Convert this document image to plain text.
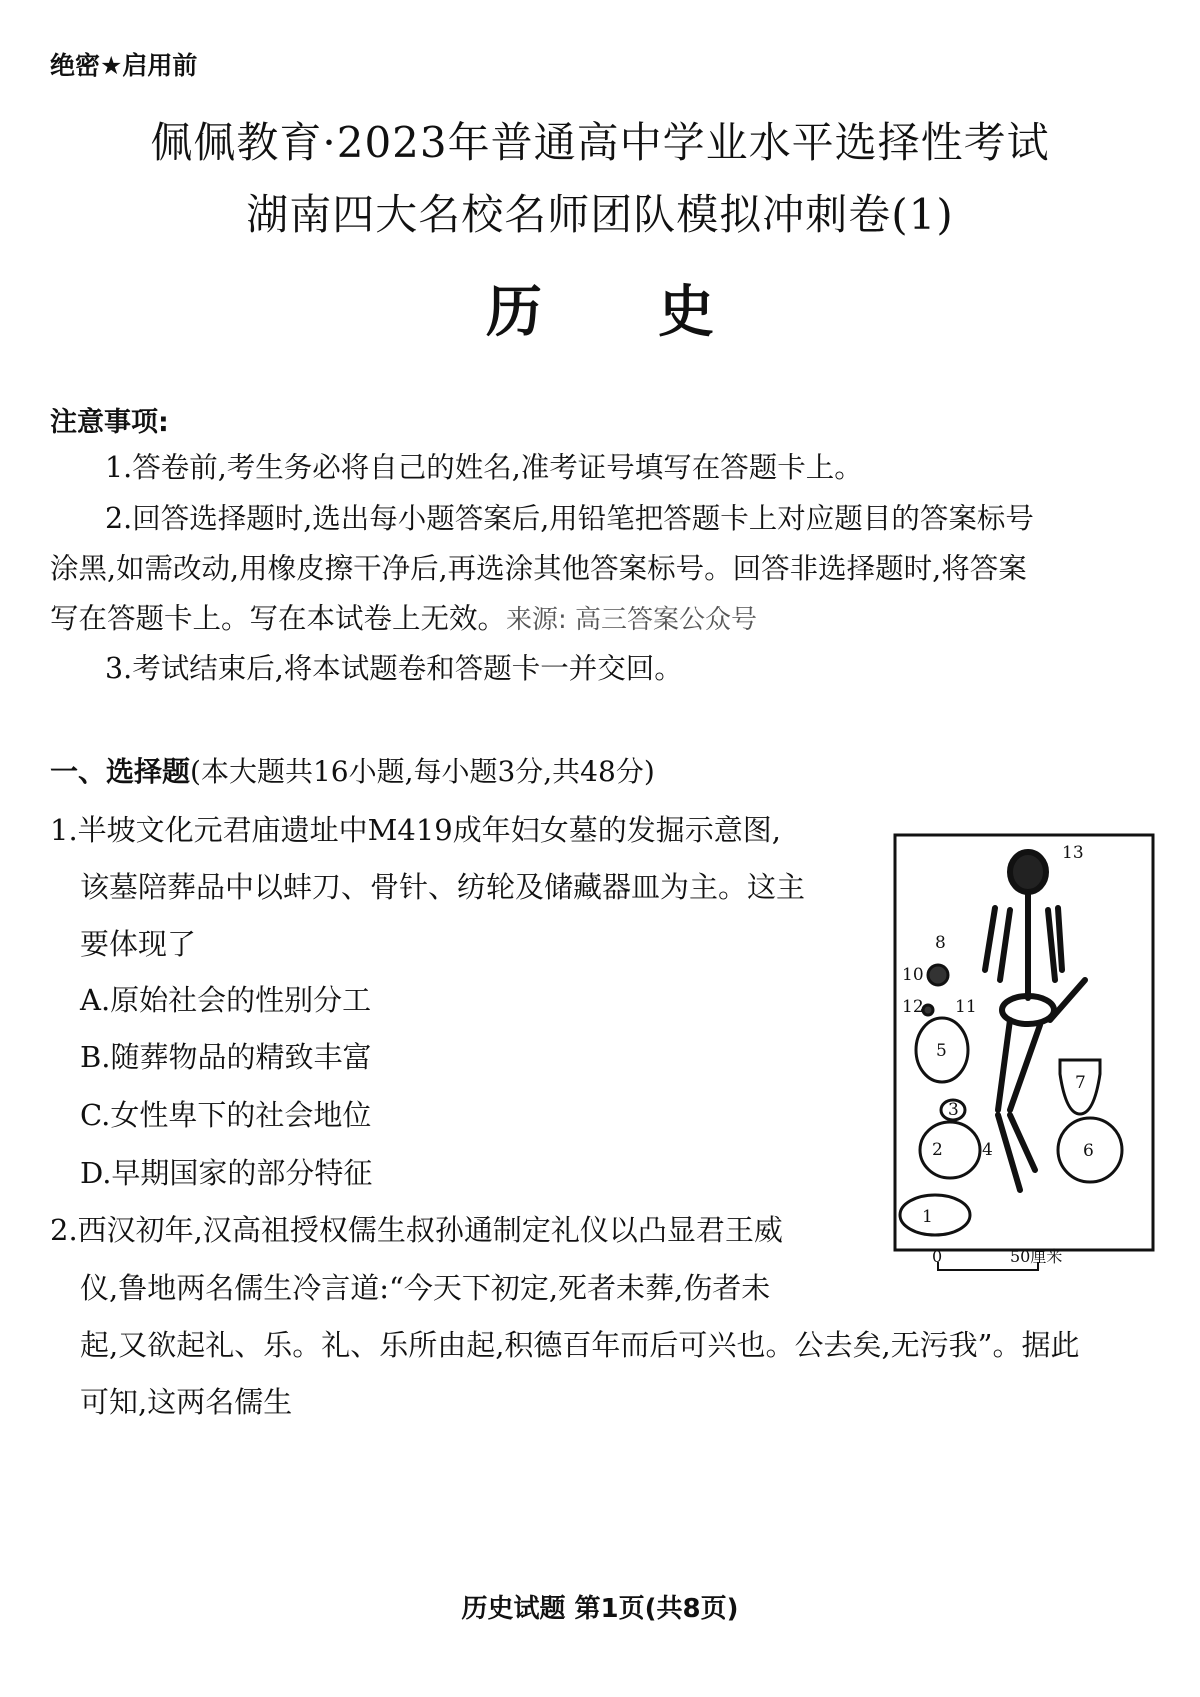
绝密★启用前
佩佩教育·2023年普通高中学业水平选择性考试
湖南四大名校名师团队模拟冲刺卷(1)
历 史
注意事项:
1.答卷前,考生务必将自己的姓名,准考证号填写在答题卡上。
2.回答选择题时,选出每小题答案后,用铅笔把答题卡上对应题目的答案标号
涂黑,如需改动,用橡皮擦干净后,再选涂其他答案标号。回答非选择题时,将答案
写在答题卡上。写在本试卷上无效。来源: 高三答案公众号
3.考试结束后,将本试题卷和答题卡一并交回。
一、选择题(本大题共16小题,每小题3分,共48分)
1.半坡文化元君庙遗址中M419成年妇女墓的发掘示意图,
该墓陪葬品中以蚌刀、骨针、纺轮及储藏器皿为主。这主
要体现了
A.原始社会的性别分工
B.随葬物品的精致丰富
C.女性卑下的社会地位
D.早期国家的部分特征
2.西汉初年,汉高祖授权儒生叔孙通制定礼仪以凸显君王威
仪,鲁地两名儒生冷言道:“今天下初定,死者未葬,伤者未
起,又欲起礼、乐。礼、乐所由起,积德百年而后可兴也。公去矣,无污我”。据此
可知,这两名儒生
13
8
10
12 11
5
7
3
2 4	6
1
0	50厘米
历史试题 第1页(共8页)
